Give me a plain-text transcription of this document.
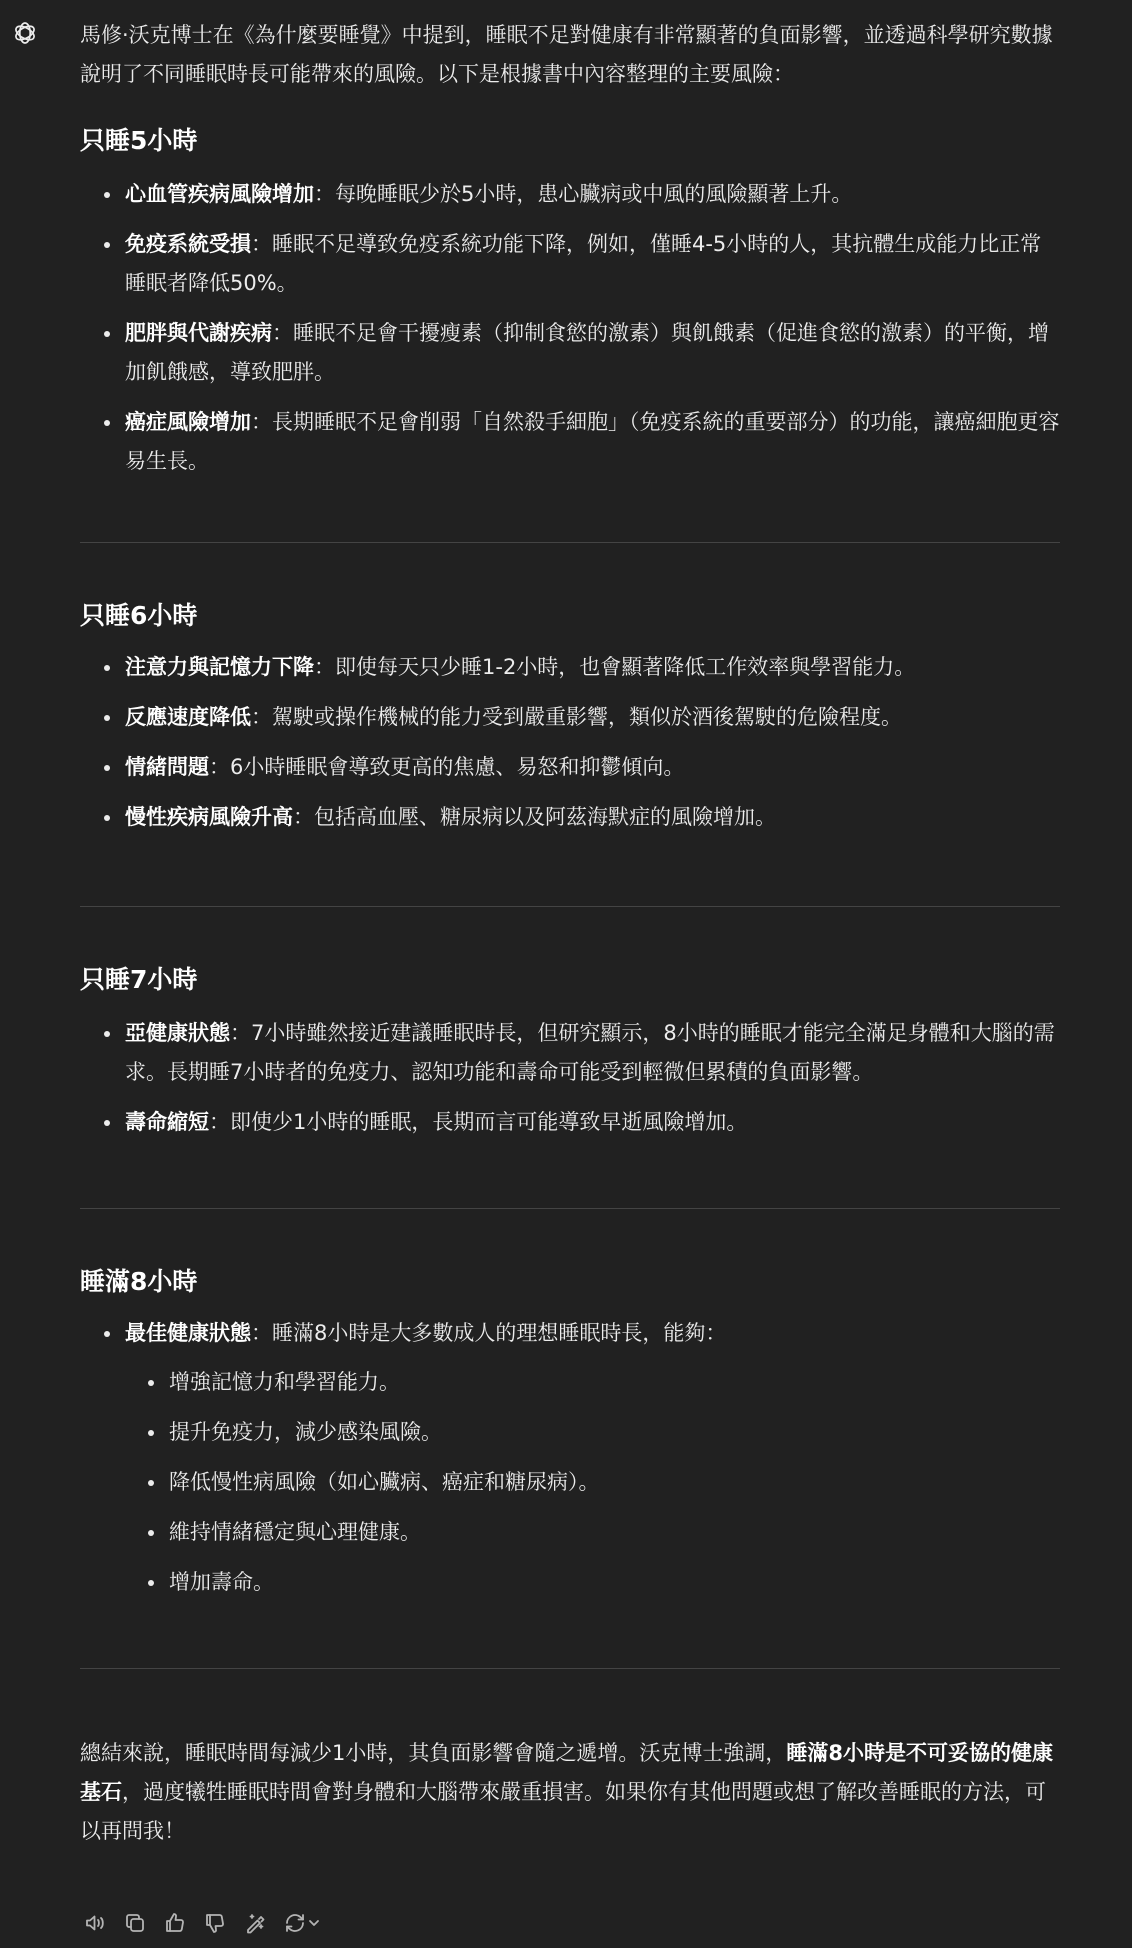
馬修·沃克博士在《為什麼要睡覺》中提到，睡眠不足對健康有非常顯著的負面影響，並透過科學研究數據說明了不同睡眠時長可能帶來的風險。以下是根據書中內容整理的主要風險：

只睡5小時
心血管疾病風險增加：每晚睡眠少於5小時，患心臟病或中風的風險顯著上升。
免疫系統受損：睡眠不足導致免疫系統功能下降，例如，僅睡4-5小時的人，其抗體生成能力比正常睡眠者降低50%。
肥胖與代謝疾病：睡眠不足會干擾瘦素（抑制食慾的激素）與飢餓素（促進食慾的激素）的平衡，增加飢餓感，導致肥胖。
癌症風險增加：長期睡眠不足會削弱「自然殺手細胞」（免疫系統的重要部分）的功能，讓癌細胞更容易生長。
只睡6小時
注意力與記憶力下降：即使每天只少睡1-2小時，也會顯著降低工作效率與學習能力。
反應速度降低：駕駛或操作機械的能力受到嚴重影響，類似於酒後駕駛的危險程度。
情緒問題：6小時睡眠會導致更高的焦慮、易怒和抑鬱傾向。
慢性疾病風險升高：包括高血壓、糖尿病以及阿茲海默症的風險增加。
只睡7小時
亞健康狀態：7小時雖然接近建議睡眠時長，但研究顯示，8小時的睡眠才能完全滿足身體和大腦的需求。長期睡7小時者的免疫力、認知功能和壽命可能受到輕微但累積的負面影響。
壽命縮短：即使少1小時的睡眠，長期而言可能導致早逝風險增加。
睡滿8小時
最佳健康狀態：睡滿8小時是大多數成人的理想睡眠時長，能夠：
增強記憶力和學習能力。
提升免疫力，減少感染風險。
降低慢性病風險（如心臟病、癌症和糖尿病）。
維持情緒穩定與心理健康。
增加壽命。

總結來說，睡眠時間每減少1小時，其負面影響會隨之遞增。沃克博士強調，睡滿8小時是不可妥協的健康基石，過度犧牲睡眠時間會對身體和大腦帶來嚴重損害。如果你有其他問題或想了解改善睡眠的方法，可以再問我！
